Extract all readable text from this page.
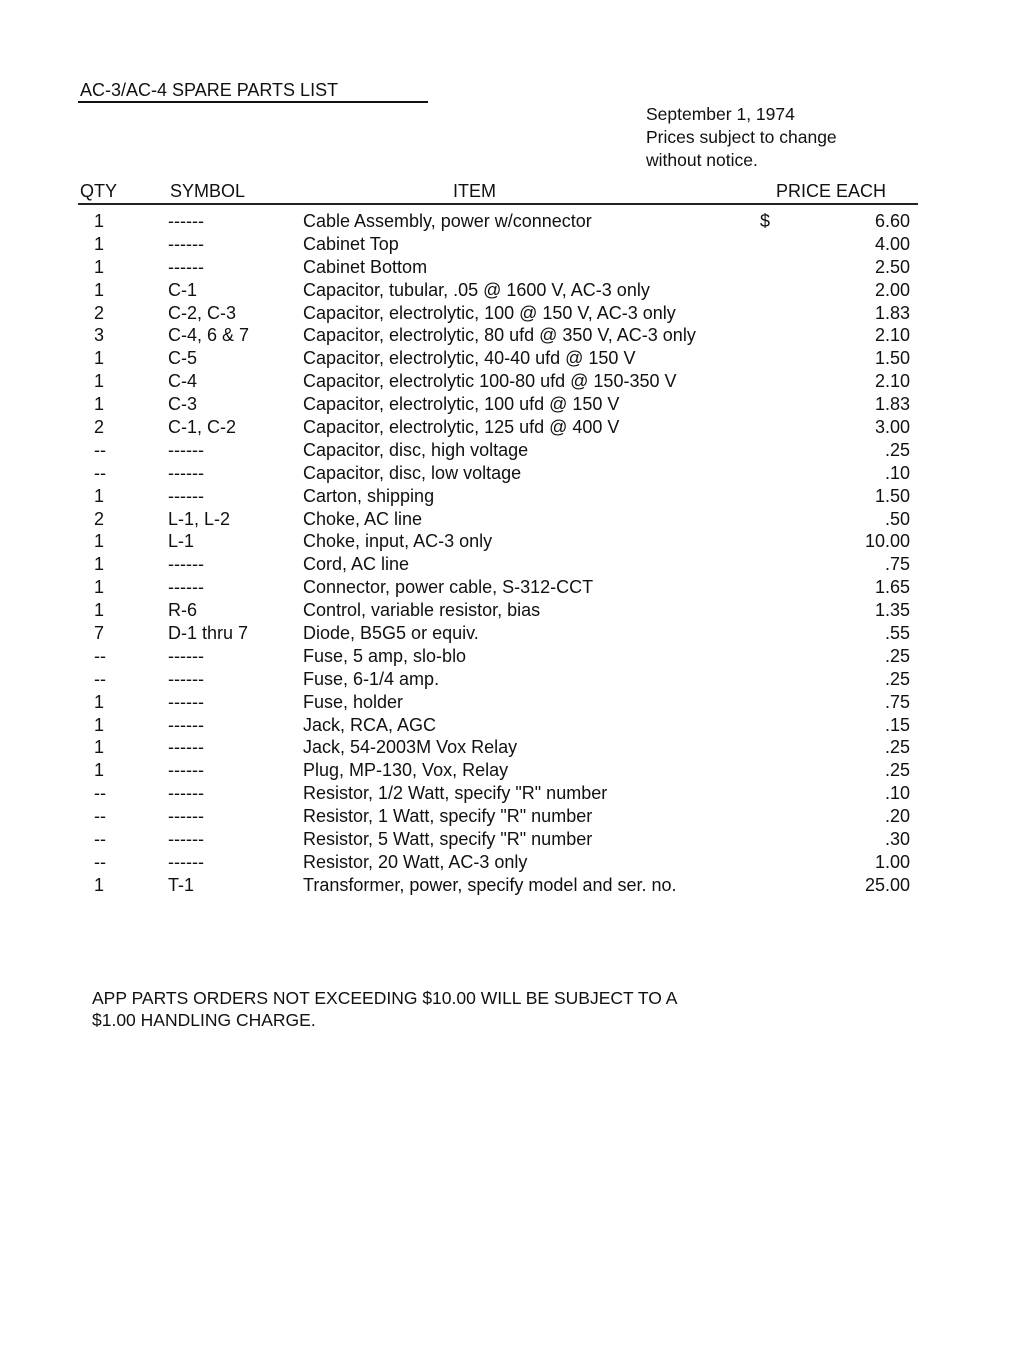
AC-3/AC-4 SPARE PARTS LIST
September 1, 1974
Prices subject to change
without notice.
QTY	SYMBOL	ITEM	PRICE EACH
1	------	Cable Assembly, power w/connector	6.60
$
1	------	Cabinet Top	4.00
1	------	Cabinet Bottom	2.50
1	C-1	Capacitor, tubular, .05 @ 1600 V, AC-3 only	2.00
2	C-2, C-3	Capacitor, electrolytic, 100 @ 150 V, AC-3 only	1.83
3	C-4, 6 & 7	Capacitor, electrolytic, 80 ufd @ 350 V, AC-3 only	2.10
1	C-5	Capacitor, electrolytic, 40-40 ufd @ 150 V	1.50
1	C-4	Capacitor, electrolytic 100-80 ufd @ 150-350 V	2.10
1	C-3	Capacitor, electrolytic, 100 ufd @ 150 V	1.83
2	C-1, C-2	Capacitor, electrolytic, 125 ufd @ 400 V	3.00
--	------	Capacitor, disc, high voltage	.25
--	------	Capacitor, disc, low voltage	.10
1	------	Carton, shipping	1.50
2	L-1, L-2	Choke, AC line	.50
1	L-1	Choke, input, AC-3 only	10.00
1	------	Cord, AC line	.75
1	------	Connector, power cable, S-312-CCT	1.65
1	R-6	Control, variable resistor, bias	1.35
7	D-1 thru 7	Diode, B5G5 or equiv.	.55
--	------	Fuse, 5 amp, slo-blo	.25
--	------	Fuse, 6-1/4 amp.	.25
1	------	Fuse, holder	.75
1	------	Jack, RCA, AGC	.15
1	------	Jack, 54-2003M Vox Relay	.25
1	------	Plug, MP-130, Vox, Relay	.25
--	------	Resistor, 1/2 Watt, specify "R" number	.10
--	------	Resistor, 1 Watt, specify "R" number	.20
--	------	Resistor, 5 Watt, specify "R" number	.30
--	------	Resistor, 20 Watt, AC-3 only	1.00
1	T-1	Transformer, power, specify model and ser. no.	25.00
APP PARTS ORDERS NOT EXCEEDING $10.00 WILL BE SUBJECT TO A
$1.00 HANDLING CHARGE.
